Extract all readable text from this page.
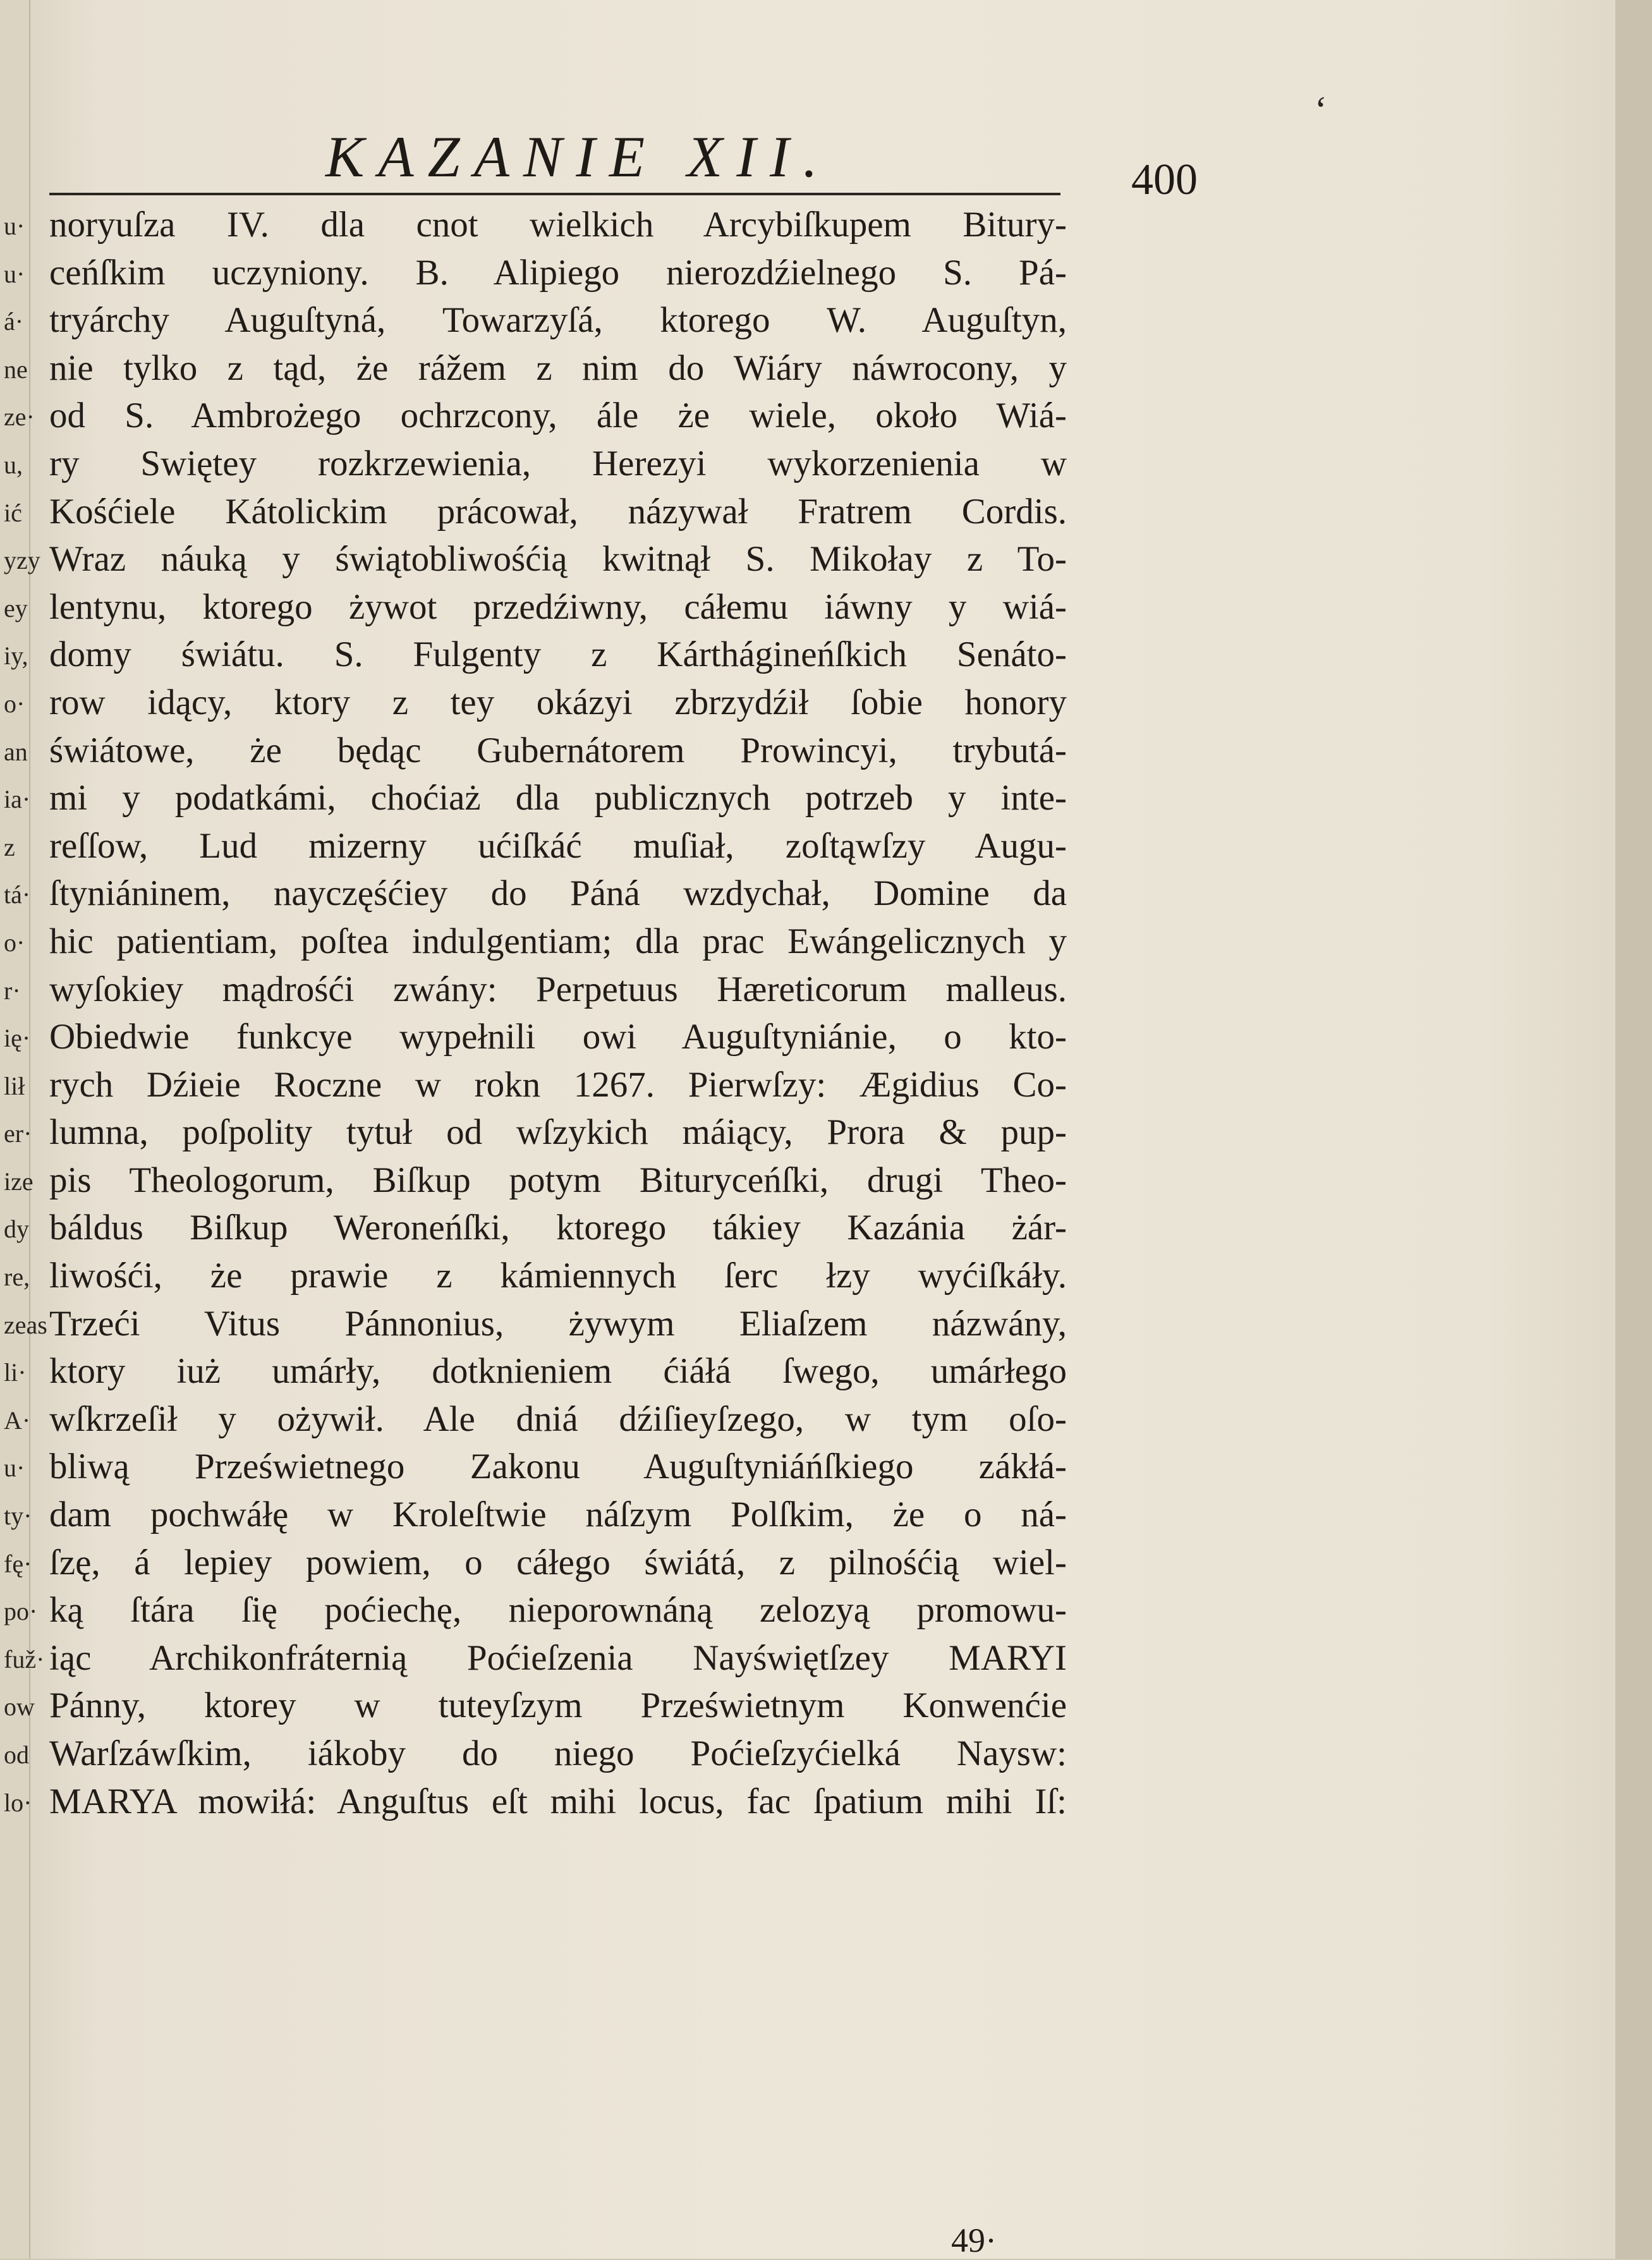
u·
u·
á·
ne
ze·
u,
ić
yzy
ey
iy,
o·
an
ia·
z
tá·
o·
r·
ię·
lił
er·
ize
dy
re,
zeas
li·
A·
u·
ty·
fę·
po·
fuž·
ow
od
lo·
‘
KAZANIE XII.	400
noryuſza IV. dla cnot wielkich Arcybiſkupem Bitury-
ceńſkim uczyniony. B. Alipiego nierozdźielnego S. Pá-
tryárchy Auguſtyná, Towarzyſá, ktorego W. Auguſtyn,
nie tylko z tąd, że rážem z nim do Wiáry náwrocony, y
od S. Ambrożego ochrzcony, ále że wiele, około Wiá-
ry Swiętey rozkrzewienia, Herezyi wykorzenienia w
Kośćiele Kátolickim prácował, názywał Fratrem Cordis.
Wraz náuką y świątobliwośćią kwitnął S. Mikołay z To-
lentynu, ktorego żywot przedźiwny, cáłemu iáwny y wiá-
domy świátu. S. Fulgenty z Kárthágineńſkich Senáto-
row idący, ktory z tey okázyi zbrzydźił ſobie honory
świátowe, że będąc Gubernátorem Prowincyi, trybutá-
mi y podatkámi, choćiaż dla publicznych potrzeb y inte-
reſſow, Lud mizerny ućiſkáć muſiał, zoſtąwſzy Augu-
ſtyniáninem, nayczęśćiey do Páná wzdychał, Domine da
hic patientiam, poſtea indulgentiam; dla prac Ewángelicznych y
wyſokiey mądrośći zwány: Perpetuus Hæreticorum malleus.
Obiedwie funkcye wypełnili owi Auguſtyniánie, o kto-
rych Dźieie Roczne w rokn 1267. Pierwſzy: Ægidius Co-
lumna, poſpolity tytuł od wſzykich máiący, Prora & pup-
pis Theologorum, Biſkup potym Bituryceńſki, drugi Theo-
báldus Biſkup Weroneńſki, ktorego tákiey Kazánia żár-
liwośći, że prawie z kámiennych ſerc łzy wyćiſkáły.
Trzeći Vitus Pánnonius, żywym Eliaſzem názwány,
ktory iuż umárły, dotknieniem ćiáłá ſwego, umárłego
wſkrzeſił y ożywił. Ale dniá dźiſieyſzego, w tym oſo-
bliwą Prześwietnego Zakonu Auguſtyniáńſkiego zákłá-
dam pochwáłę w Kroleſtwie náſzym Polſkim, że o ná-
ſzę, á lepiey powiem, o cáłego świátá, z pilnośćią wiel-
ką ſtára ſię poćiechę, nieporownáną zelozyą promowu-
iąc Archikonfráternią Poćieſzenia Nayświętſzey MARYI
Pánny, ktorey w tuteyſzym Prześwietnym Konwenćie
Warſzáwſkim, iákoby do niego Poćieſzyćielká Naysw:
MARYA mowiłá: Anguſtus eſt mihi locus, fac ſpatium mihi Iſ:
49·
